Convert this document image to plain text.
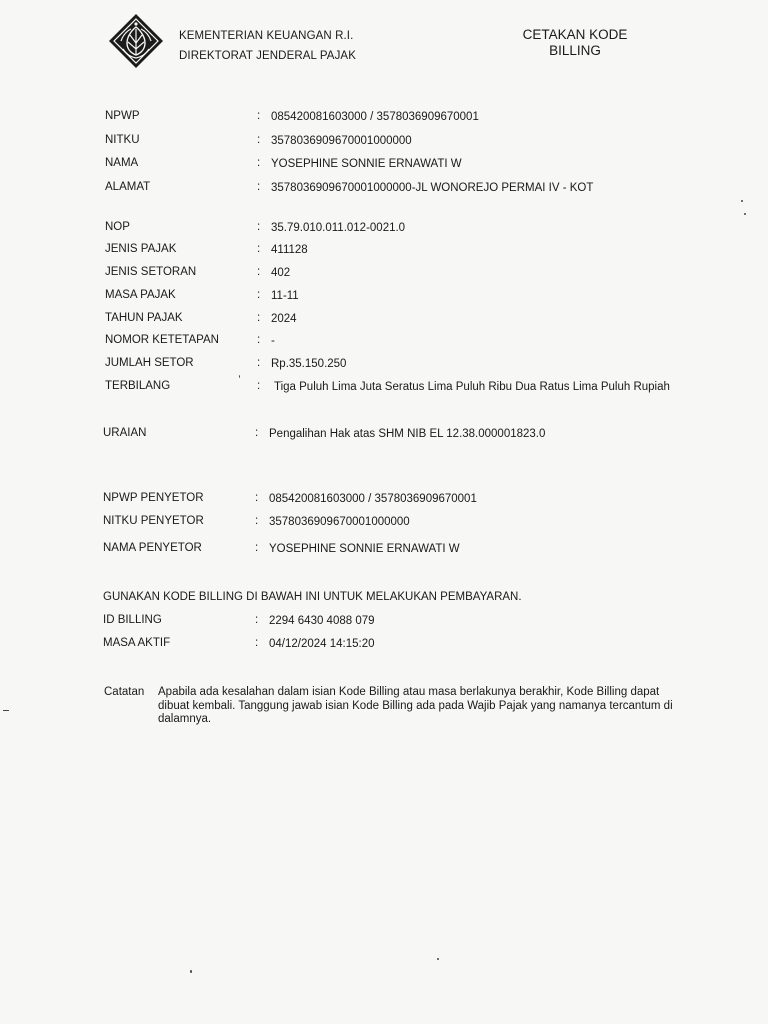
KEMENTERIAN KEUANGAN R.I.
DIREKTORAT JENDERAL PAJAK
CETAKAN KODE
BILLING
NPWP	: 085420081603000 / 3578036909670001
NITKU	: 3578036909670001000000
NAMA	: YOSEPHINE SONNIE ERNAWATI W
ALAMAT	: 3578036909670001000000-JL WONOREJO PERMAI IV - KOT
NOP	: 35.79.010.011.012-0021.0
JENIS PAJAK	: 411128
JENIS SETORAN	: 402
MASA PAJAK	: 11-11
TAHUN PAJAK	: 2024
NOMOR KETETAPAN	: -
JUMLAH SETOR	: Rp.35.150.250
TERBILANG	: Tiga Puluh Lima Juta Seratus Lima Puluh Ribu Dua Ratus Lima Puluh Rupiah
URAIAN	: Pengalihan Hak atas SHM NIB EL 12.38.000001823.0
NPWP PENYETOR	: 085420081603000 / 3578036909670001
NITKU PENYETOR	: 3578036909670001000000
NAMA PENYETOR	: YOSEPHINE SONNIE ERNAWATI W
GUNAKAN KODE BILLING DI BAWAH INI UNTUK MELAKUKAN PEMBAYARAN.
ID BILLING	: 2294 6430 4088 079
MASA AKTIF	: 04/12/2024 14:15:20
Catatan Apabila ada kesalahan dalam isian Kode Billing atau masa berlakunya berakhir, Kode Billing dapat dibuat kembali. Tanggung jawab isian Kode Billing ada pada Wajib Pajak yang namanya tercantum di dalamnya.
